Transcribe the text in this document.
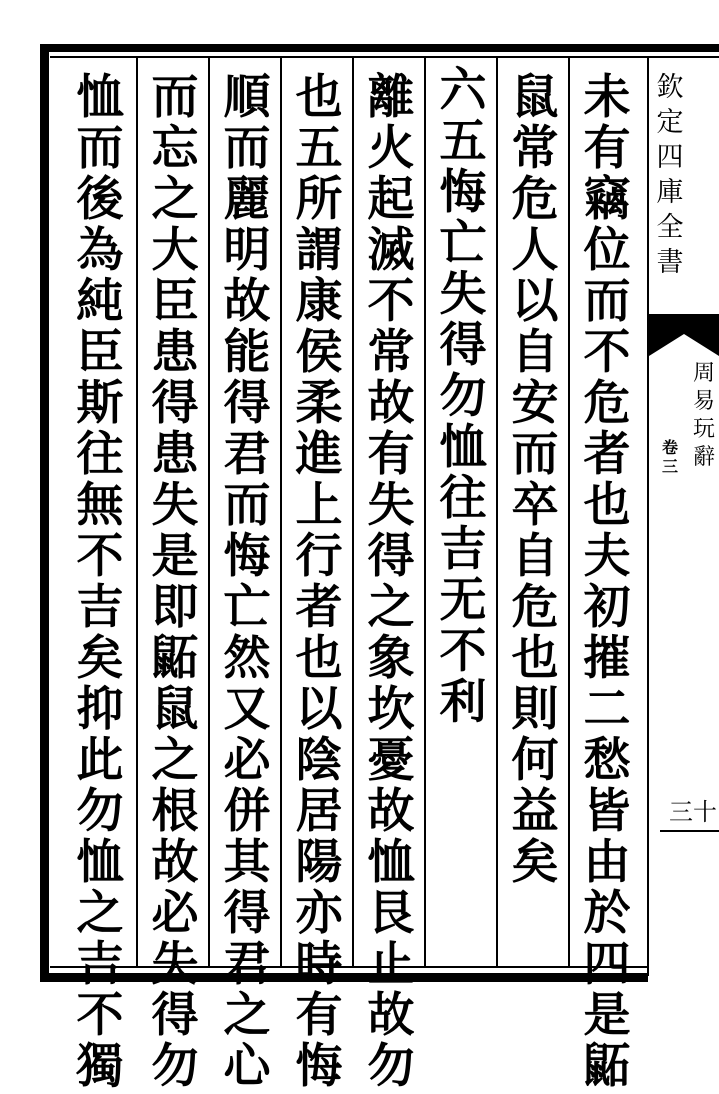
未
有
竊
位
而
不
危
者
也
夫
初
摧
二
愁
皆
由
於
四
是
鼫
鼠
常
危
人
以
自
安
而
卒
自
危
也
則
何
益
矣
六
五
悔
亡
失
得
勿
恤
往
吉
无
不
利
離
火
起
滅
不
常
故
有
失
得
之
象
坎
憂
故
恤
艮
止
故
勿
也
五
所
謂
康
侯
柔
進
上
行
者
也
以
陰
居
陽
亦
時
有
悔
順
而
麗
明
故
能
得
君
而
悔
亡
然
又
必
併
其
得
君
之
心
而
忘
之
大
臣
患
得
患
失
是
即
鼫
鼠
之
根
故
必
失
得
勿
恤
而
後
為
純
臣
斯
往
無
不
吉
矣
抑
此
勿
恤
之
吉
不
獨
欽
定
四
庫
全
書
周
易
玩
辭
卷
三
三十
